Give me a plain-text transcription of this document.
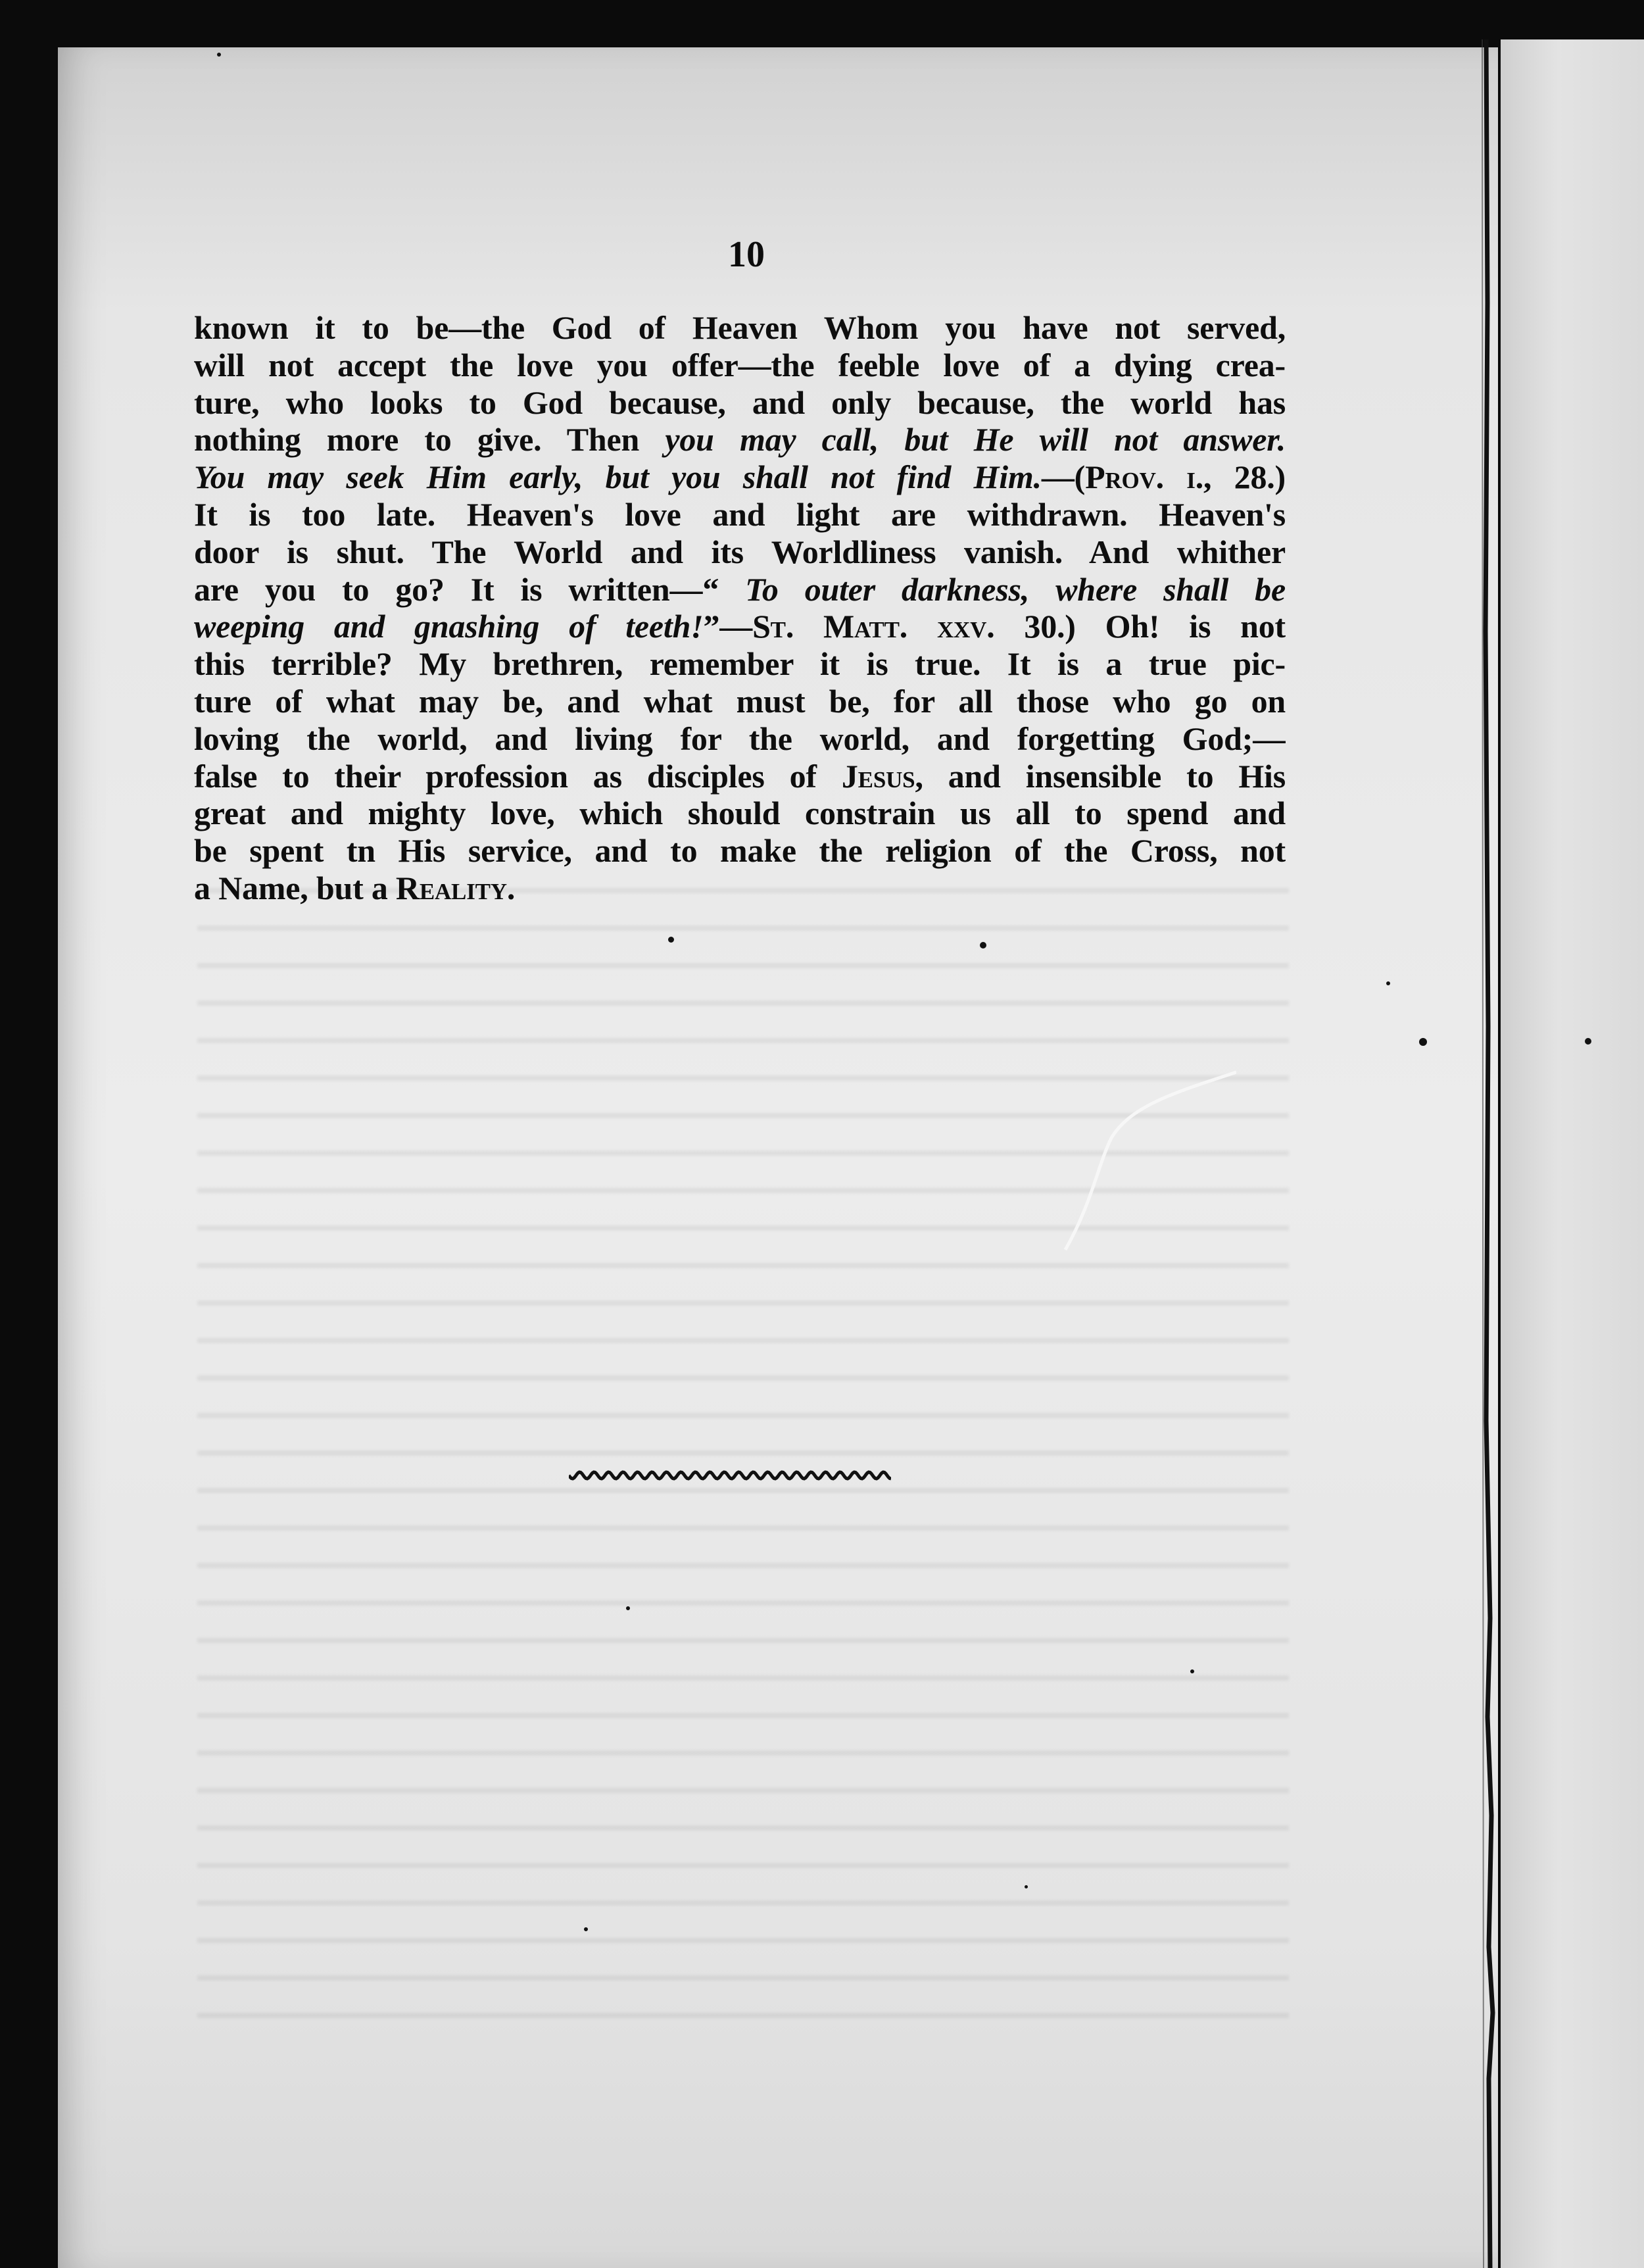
10
known it to be—the God of Heaven Whom you have not served,
will not accept the love you offer—the feeble love of a dying crea-
ture, who looks to God because, and only because, the world has
nothing more to give. Then you may call, but He will not answer.
You may seek Him early, but you shall not find Him.—(Prov. i., 28.)
It is too late. Heaven's love and light are withdrawn. Heaven's
door is shut. The World and its Worldliness vanish. And whither
are you to go? It is written—“ To outer darkness, where shall be
weeping and gnashing of teeth!”—St. Matt. xxv. 30.) Oh! is not
this terrible? My brethren, remember it is true. It is a true pic-
ture of what may be, and what must be, for all those who go on
loving the world, and living for the world, and forgetting God;—
false to their profession as disciples of Jesus, and insensible to His
great and mighty love, which should constrain us all to spend and
be spent tn His service, and to make the religion of the Cross, not
a Name, but a Reality.
